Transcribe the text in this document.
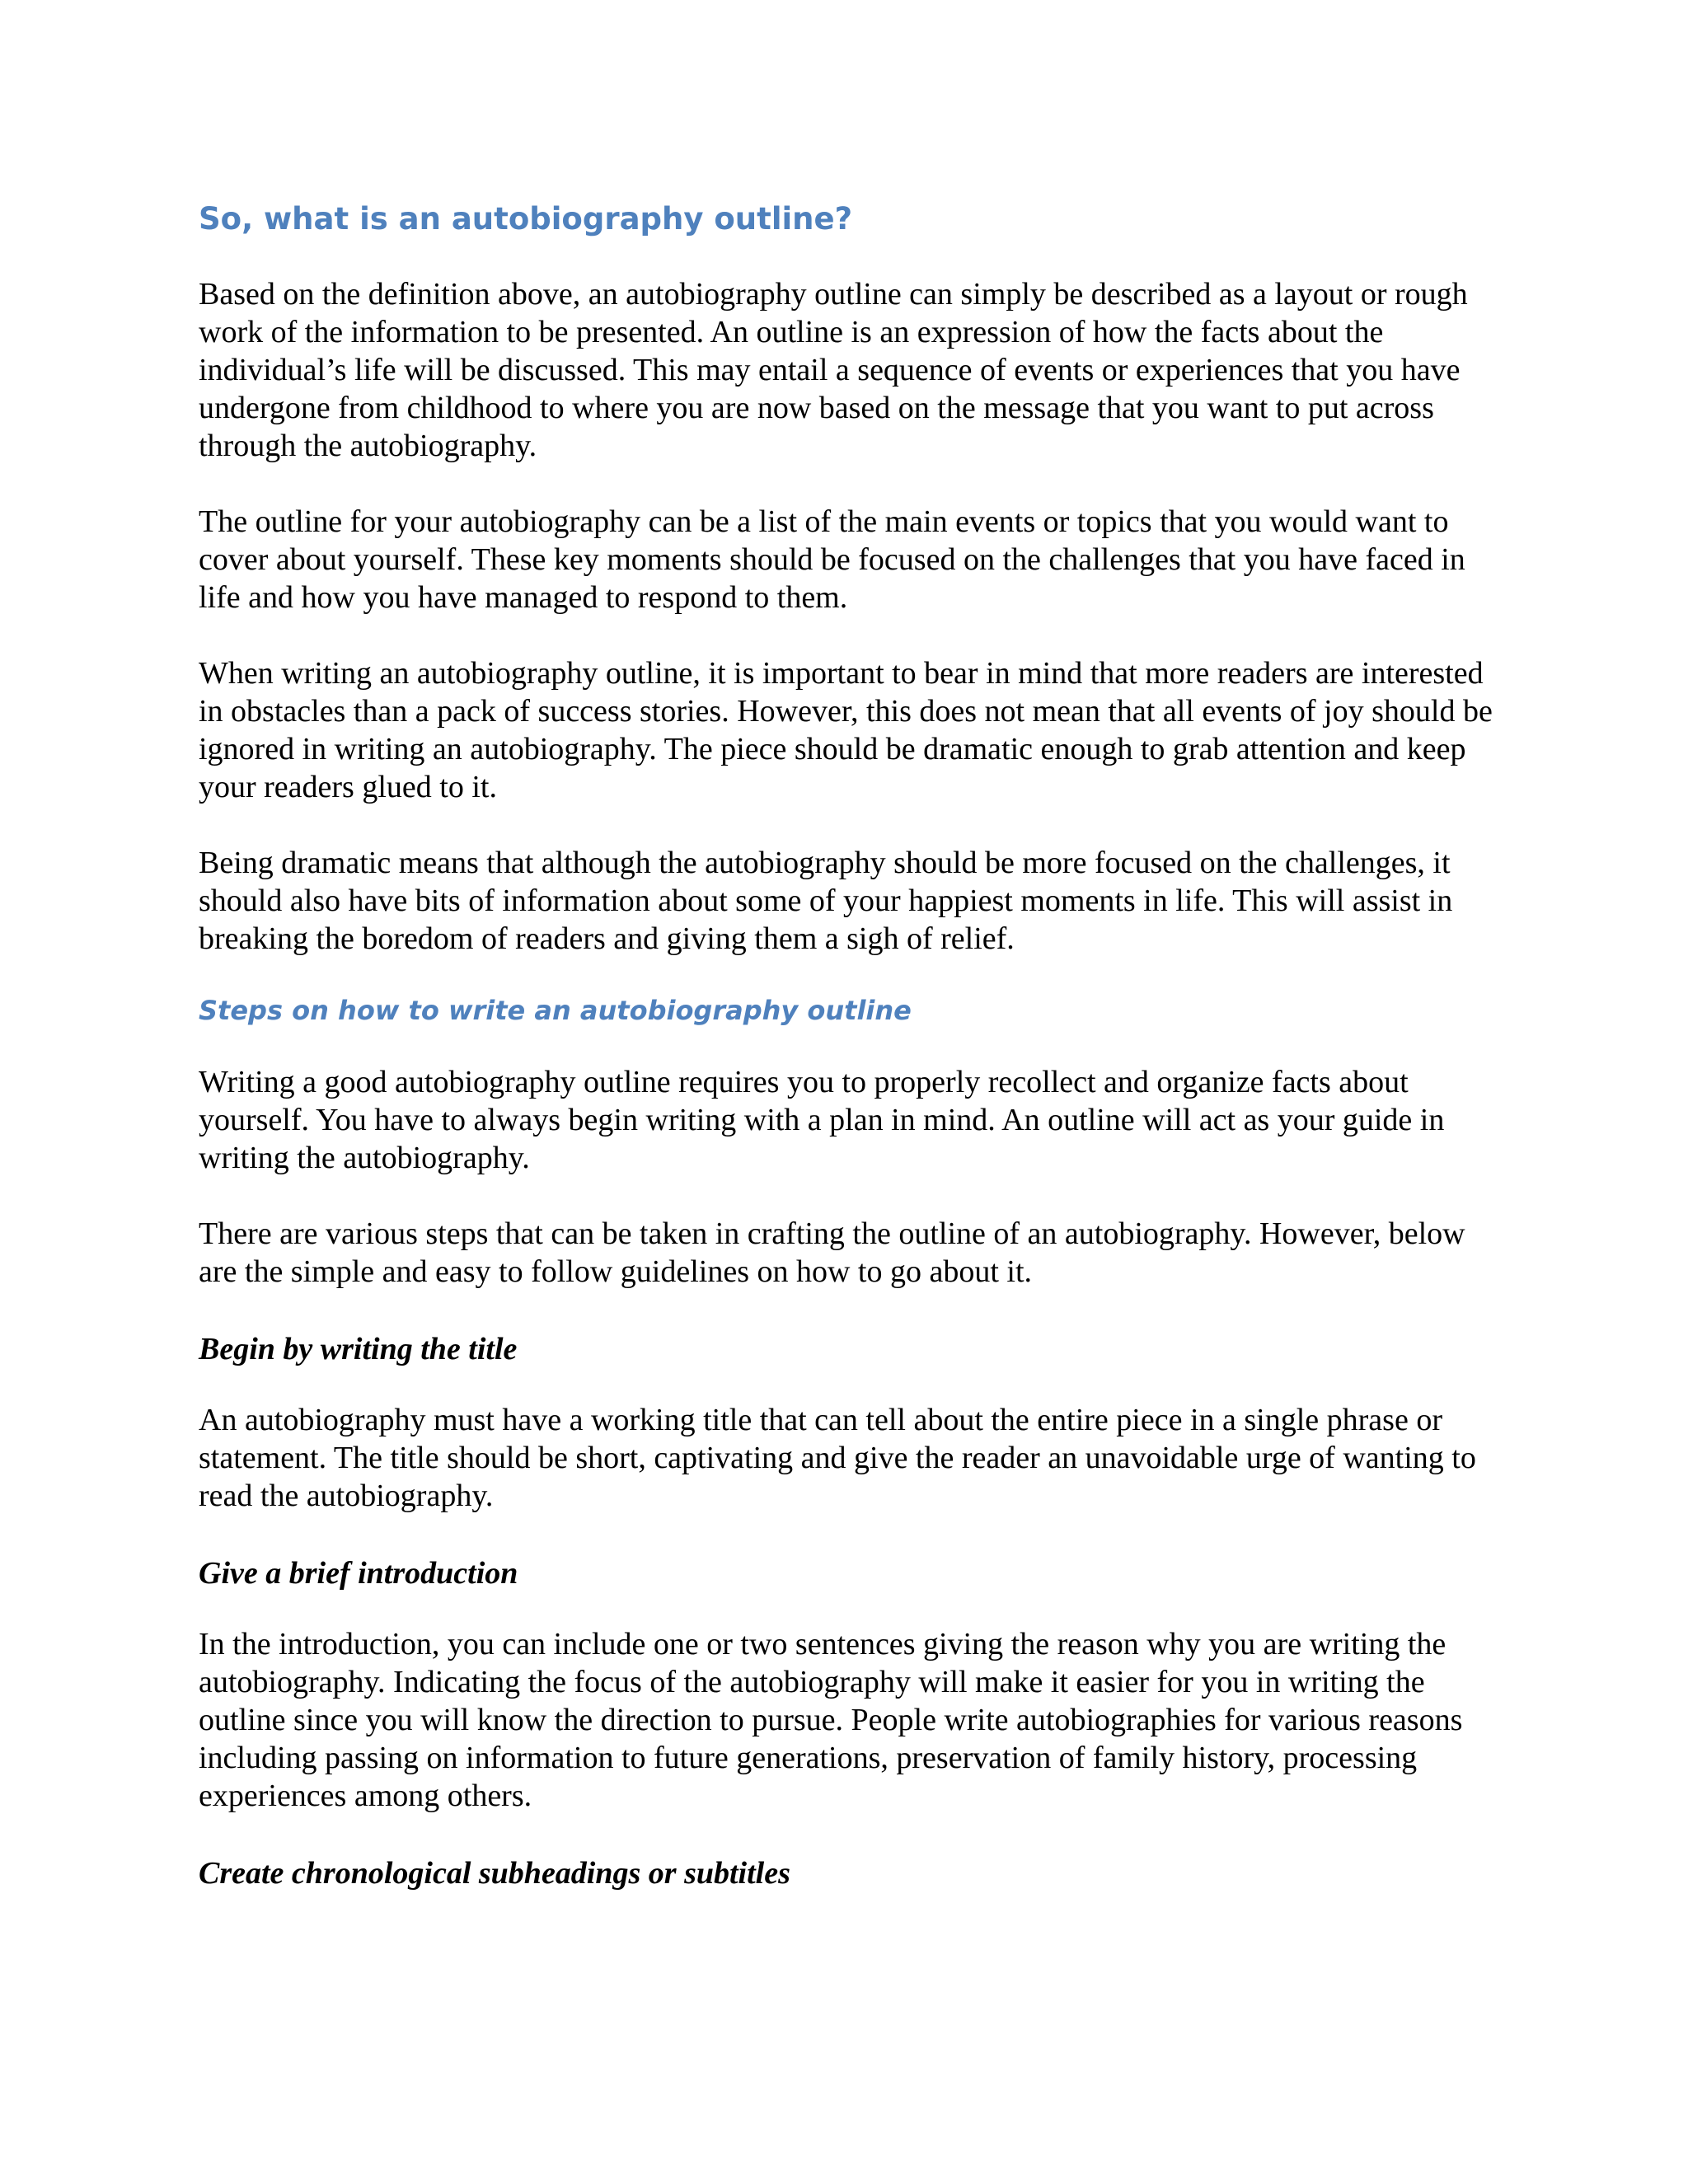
So, what is an autobiography outline?

Based on the definition above, an autobiography outline can simply be described as a layout or rough work of the information to be presented. An outline is an expression of how the facts about the individual’s life will be discussed. This may entail a sequence of events or experiences that you have undergone from childhood to where you are now based on the message that you want to put across through the autobiography.

The outline for your autobiography can be a list of the main events or topics that you would want to cover about yourself. These key moments should be focused on the challenges that you have faced in life and how you have managed to respond to them.

When writing an autobiography outline, it is important to bear in mind that more readers are interested in obstacles than a pack of success stories. However, this does not mean that all events of joy should be ignored in writing an autobiography. The piece should be dramatic enough to grab attention and keep your readers glued to it.

Being dramatic means that although the autobiography should be more focused on the challenges, it should also have bits of information about some of your happiest moments in life. This will assist in breaking the boredom of readers and giving them a sigh of relief.

Steps on how to write an autobiography outline

Writing a good autobiography outline requires you to properly recollect and organize facts about yourself. You have to always begin writing with a plan in mind. An outline will act as your guide in writing the autobiography.

There are various steps that can be taken in crafting the outline of an autobiography. However, below are the simple and easy to follow guidelines on how to go about it.

Begin by writing the title

An autobiography must have a working title that can tell about the entire piece in a single phrase or statement. The title should be short, captivating and give the reader an unavoidable urge of wanting to read the autobiography.

Give a brief introduction

In the introduction, you can include one or two sentences giving the reason why you are writing the autobiography. Indicating the focus of the autobiography will make it easier for you in writing the outline since you will know the direction to pursue. People write autobiographies for various reasons including passing on information to future generations, preservation of family history, processing experiences among others.

Create chronological subheadings or subtitles
